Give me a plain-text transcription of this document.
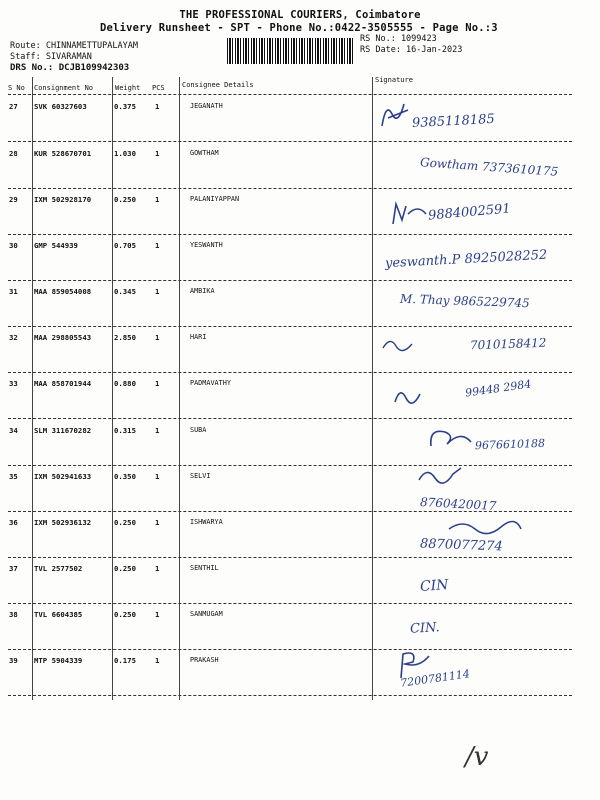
THE PROFESSIONAL COURIERS, Coimbatore
Delivery Runsheet - SPT - Phone No.:0422-3505555 - Page No.:3
Route: CHINNAMETTUPALAYAM
Staff: SIVARAMAN
DRS No.: DCJB109942303
RS No.: 1099423
RS Date: 16-Jan-2023
S No Consignment No	Weight PCS Consignee Details
Signature
27 SVK 60327603	0.375	1	JEGANATH
9385118185
28 KUR 528670701	1.030	1	GOWTHAM
Gowtham 7373610175
29 IXM 502928170	0.250	1	PALANIYAPPAN
9884002591
30 GMP 544939	0.705	1	YESWANTH
yeswanth.P 8925028252
31 MAA 859054008	0.345	1	AMBIKA
M. Thay 9865229745
32 MAA 298805543	2.850	1	HARI	7010158412
33 MAA 858701944	0.880	1	PADMAVATHY	99448 2984
34 SLM 311670282	0.315	1	SUBA
9676610188
35 IXM 502941633	0.350	1	SELVI
8760420017
36 IXM 502936132	0.250	1	ISHWARYA
8870077274
37 TVL 2577502	0.250	1	SENTHIL
CIN
38 TVL 6604385	0.250	1	SANMUGAM
CIN.
39 MTP 5904339	0.175	1	PRAKASH
7200781114
/v
